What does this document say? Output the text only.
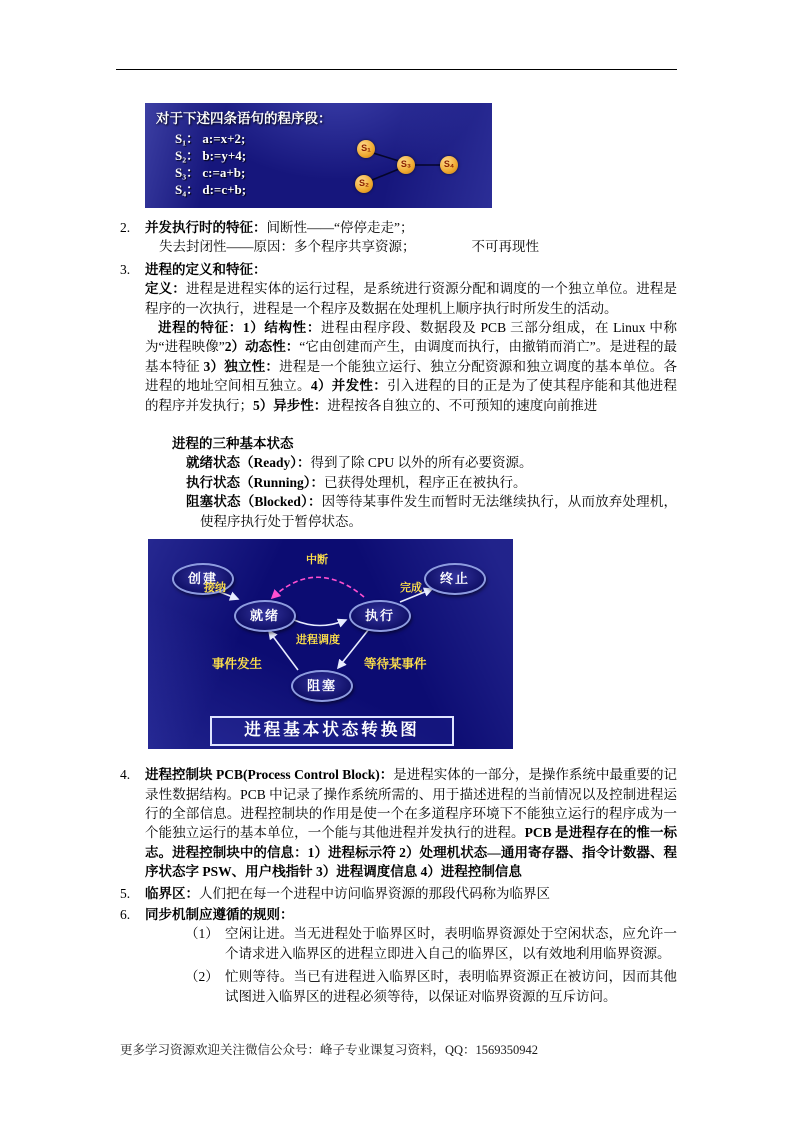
对于下述四条语句的程序段：
S₁： a:=x+2;
S₂： b:=y+4;
S₃： c:=a+b;
S₄： d:=c+b;
S₁
S₂
S₃	S₄
2. 并发执行时的特征：间断性——“停停走走”；
失去封闭性——原因：多个程序共享资源；	不可再现性
3. 进程的定义和特征：
定义：进程是进程实体的运行过程，是系统进行资源分配和调度的一个独立单位。进程是程序的一次执行，进程是一个程序及数据在处理机上顺序执行时所发生的活动。
进程的特征：1）结构性：进程由程序段、数据段及 PCB 三部分组成，在 Linux 中称为“进程映像”2）动态性：“它由创建而产生，由调度而执行，由撤销而消亡”。是进程的最基本特征 3）独立性：进程是一个能独立运行、独立分配资源和独立调度的基本单位。各进程的地址空间相互独立。4）并发性：引入进程的目的正是为了使其程序能和其他进程的程序并发执行；5）异步性：进程按各自独立的、不可预知的速度向前推进
进程的三种基本状态
就绪状态（Ready）：得到了除 CPU 以外的所有必要资源。
执行状态（Running）：已获得处理机，程序正在被执行。
阻塞状态（Blocked）：因等待某事件发生而暂时无法继续执行，从而放弃处理机，使程序执行处于暂停状态。
创建	终止
就绪	执行
阻塞
接纳
中断
完成
进程调度
事件发生	等待某事件
进程基本状态转换图
4. 进程控制块 PCB(Process Control Block)：是进程实体的一部分，是操作系统中最重要的记录性数据结构。PCB 中记录了操作系统所需的、用于描述进程的当前情况以及控制进程运行的全部信息。进程控制块的作用是使一个在多道程序环境下不能独立运行的程序成为一个能独立运行的基本单位，一个能与其他进程并发执行的进程。PCB 是进程存在的惟一标志。进程控制块中的信息：1）进程标示符 2）处理机状态—通用寄存器、指令计数器、程序状态字 PSW、用户栈指针 3）进程调度信息 4）进程控制信息
5. 临界区：人们把在每一个进程中访问临界资源的那段代码称为临界区
6. 同步机制应遵循的规则：
（1） 空闲让进。当无进程处于临界区时，表明临界资源处于空闲状态，应允许一个请求进入临界区的进程立即进入自己的临界区，以有效地利用临界资源。
（2） 忙则等待。当已有进程进入临界区时，表明临界资源正在被访问，因而其他试图进入临界区的进程必须等待，以保证对临界资源的互斥访问。
更多学习资源欢迎关注微信公众号：峰子专业课复习资料，QQ：1569350942
